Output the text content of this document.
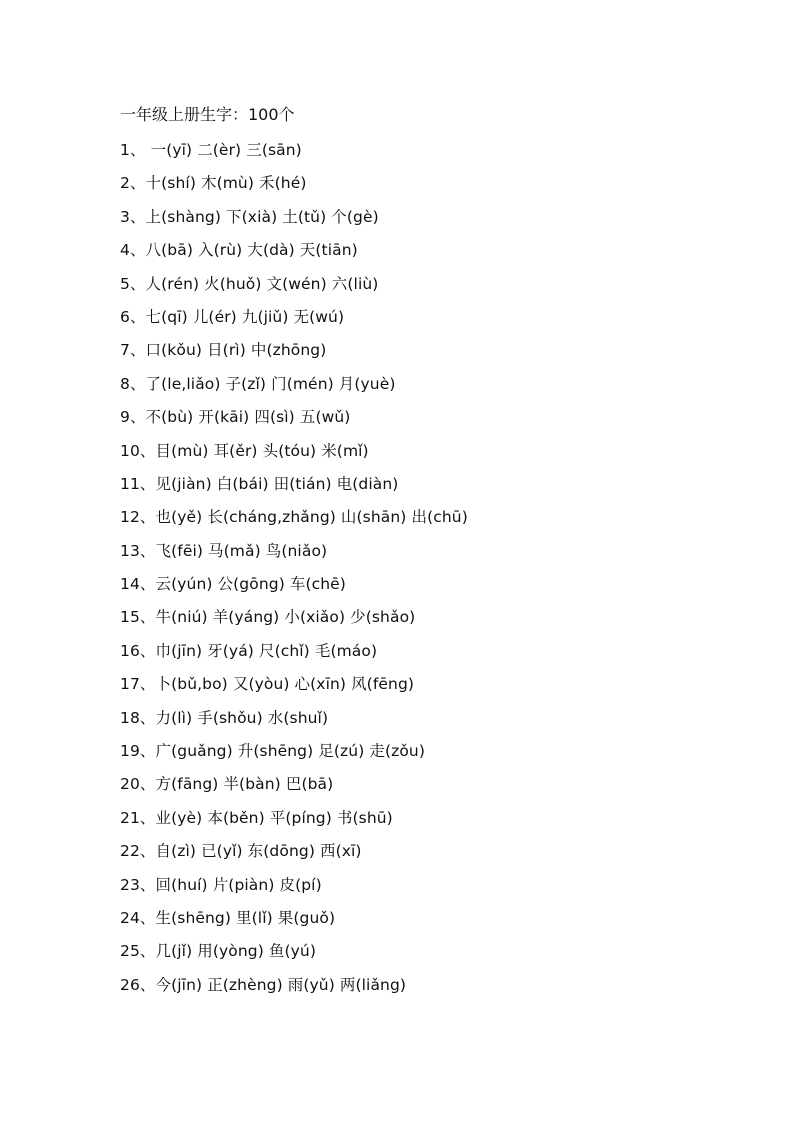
一年级上册生字：100个
1、 一(yī) 二(èr) 三(sān)
2、十(shí) 木(mù) 禾(hé)
3、上(shàng) 下(xià) 土(tǔ) 个(gè)
4、八(bā) 入(rù) 大(dà) 天(tiān)
5、人(rén) 火(huǒ) 文(wén) 六(liù)
6、七(qī) 儿(ér) 九(jiǔ) 无(wú)
7、口(kǒu) 日(rì) 中(zhōng)
8、了(le,liǎo) 子(zǐ) 门(mén) 月(yuè)
9、不(bù) 开(kāi) 四(sì) 五(wǔ)
10、目(mù) 耳(ěr) 头(tóu) 米(mǐ)
11、见(jiàn) 白(bái) 田(tián) 电(diàn)
12、也(yě) 长(cháng,zhǎng) 山(shān) 出(chū)
13、飞(fēi) 马(mǎ) 鸟(niǎo)
14、云(yún) 公(gōng) 车(chē)
15、牛(niú) 羊(yáng) 小(xiǎo) 少(shǎo)
16、巾(jīn) 牙(yá) 尺(chǐ) 毛(máo)
17、卜(bǔ,bo) 又(yòu) 心(xīn) 风(fēng)
18、力(lì) 手(shǒu) 水(shuǐ)
19、广(guǎng) 升(shēng) 足(zú) 走(zǒu)
20、方(fāng) 半(bàn) 巴(bā)
21、业(yè) 本(běn) 平(píng) 书(shū)
22、自(zì) 已(yǐ) 东(dōng) 西(xī)
23、回(huí) 片(piàn) 皮(pí)
24、生(shēng) 里(lǐ) 果(guǒ)
25、几(jǐ) 用(yòng) 鱼(yú)
26、今(jīn) 正(zhèng) 雨(yǔ) 两(liǎng)
